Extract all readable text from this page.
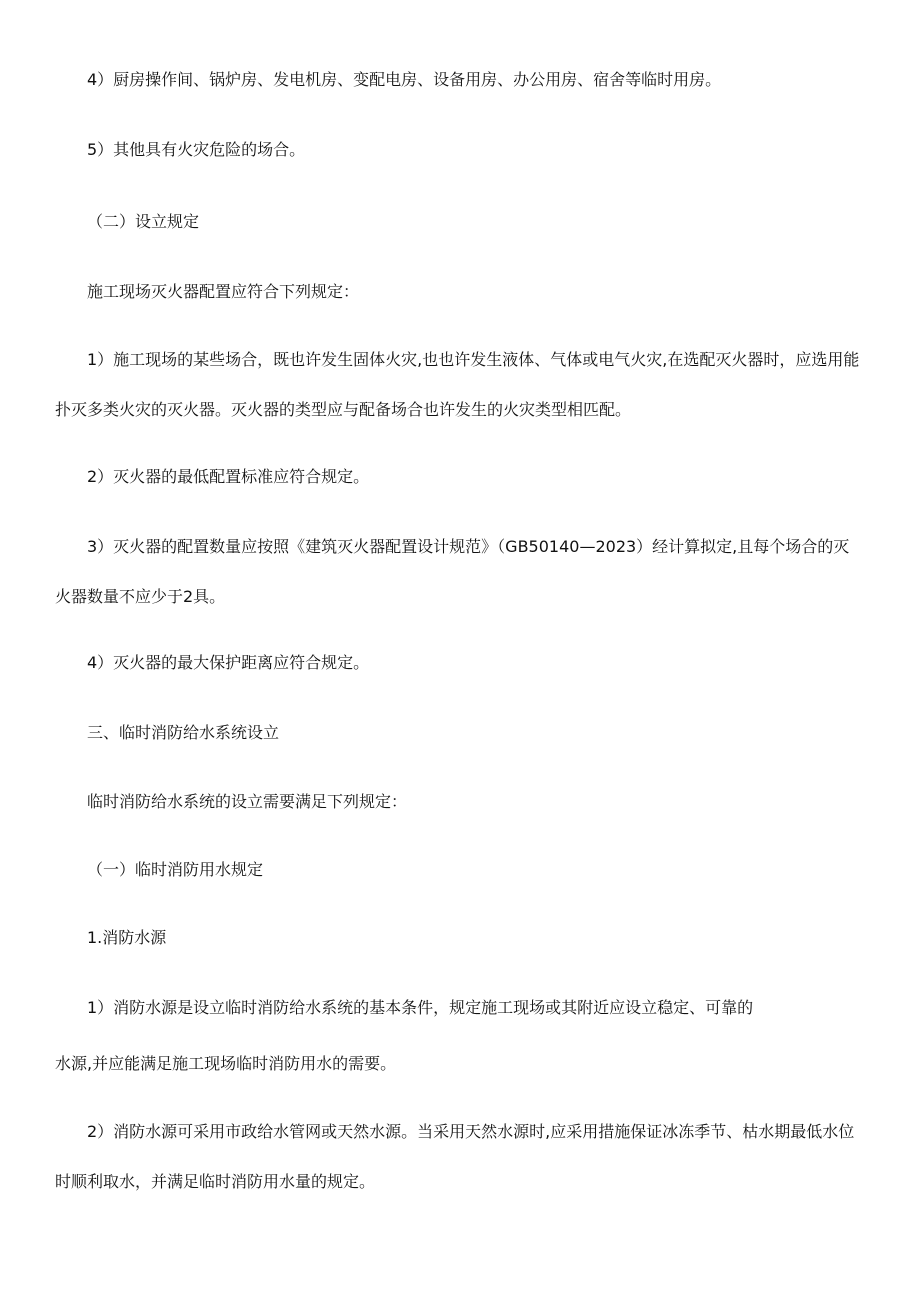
4）厨房操作间、锅炉房、发电机房、变配电房、设备用房、办公用房、宿舍等临时用房。

5）其他具有火灾危险的场合。

（二）设立规定

施工现场灭火器配置应符合下列规定：

1）施工现场的某些场合，既也许发生固体火灾,也也许发生液体、气体或电气火灾,在选配灭火器时，应选用能扑灭多类火灾的灭火器。灭火器的类型应与配备场合也许发生的火灾类型相匹配。

2）灭火器的最低配置标准应符合规定。

3）灭火器的配置数量应按照《建筑灭火器配置设计规范》（GB50140—2023）经计算拟定,且每个场合的灭火器数量不应少于2具。

4）灭火器的最大保护距离应符合规定。

三、临时消防给水系统设立

临时消防给水系统的设立需要满足下列规定：

（一）临时消防用水规定

1.消防水源

1）消防水源是设立临时消防给水系统的基本条件，规定施工现场或其附近应设立稳定、可靠的

水源,并应能满足施工现场临时消防用水的需要。

2）消防水源可采用市政给水管网或天然水源。当采用天然水源时,应采用措施保证冰冻季节、枯水期最低水位时顺利取水，并满足临时消防用水量的规定。
